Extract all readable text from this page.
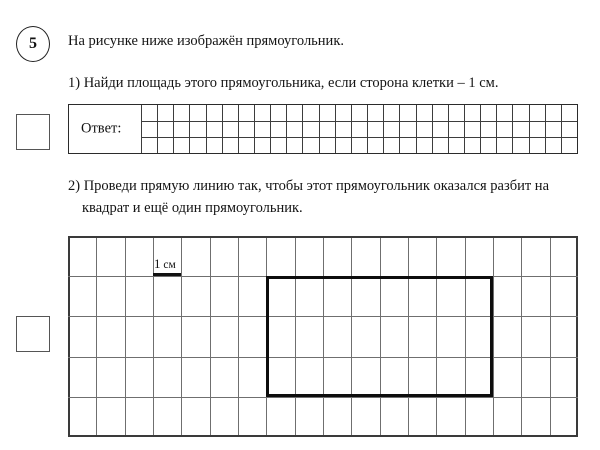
5 На рисунке ниже изображён прямоугольник.
1) Найди площадь этого прямоугольника, если сторона клетки – 1 см.
Ответ:
2) Проведи прямую линию так, чтобы этот прямоугольник оказался разбит на
квадрат и ещё один прямоугольник.
1 см
